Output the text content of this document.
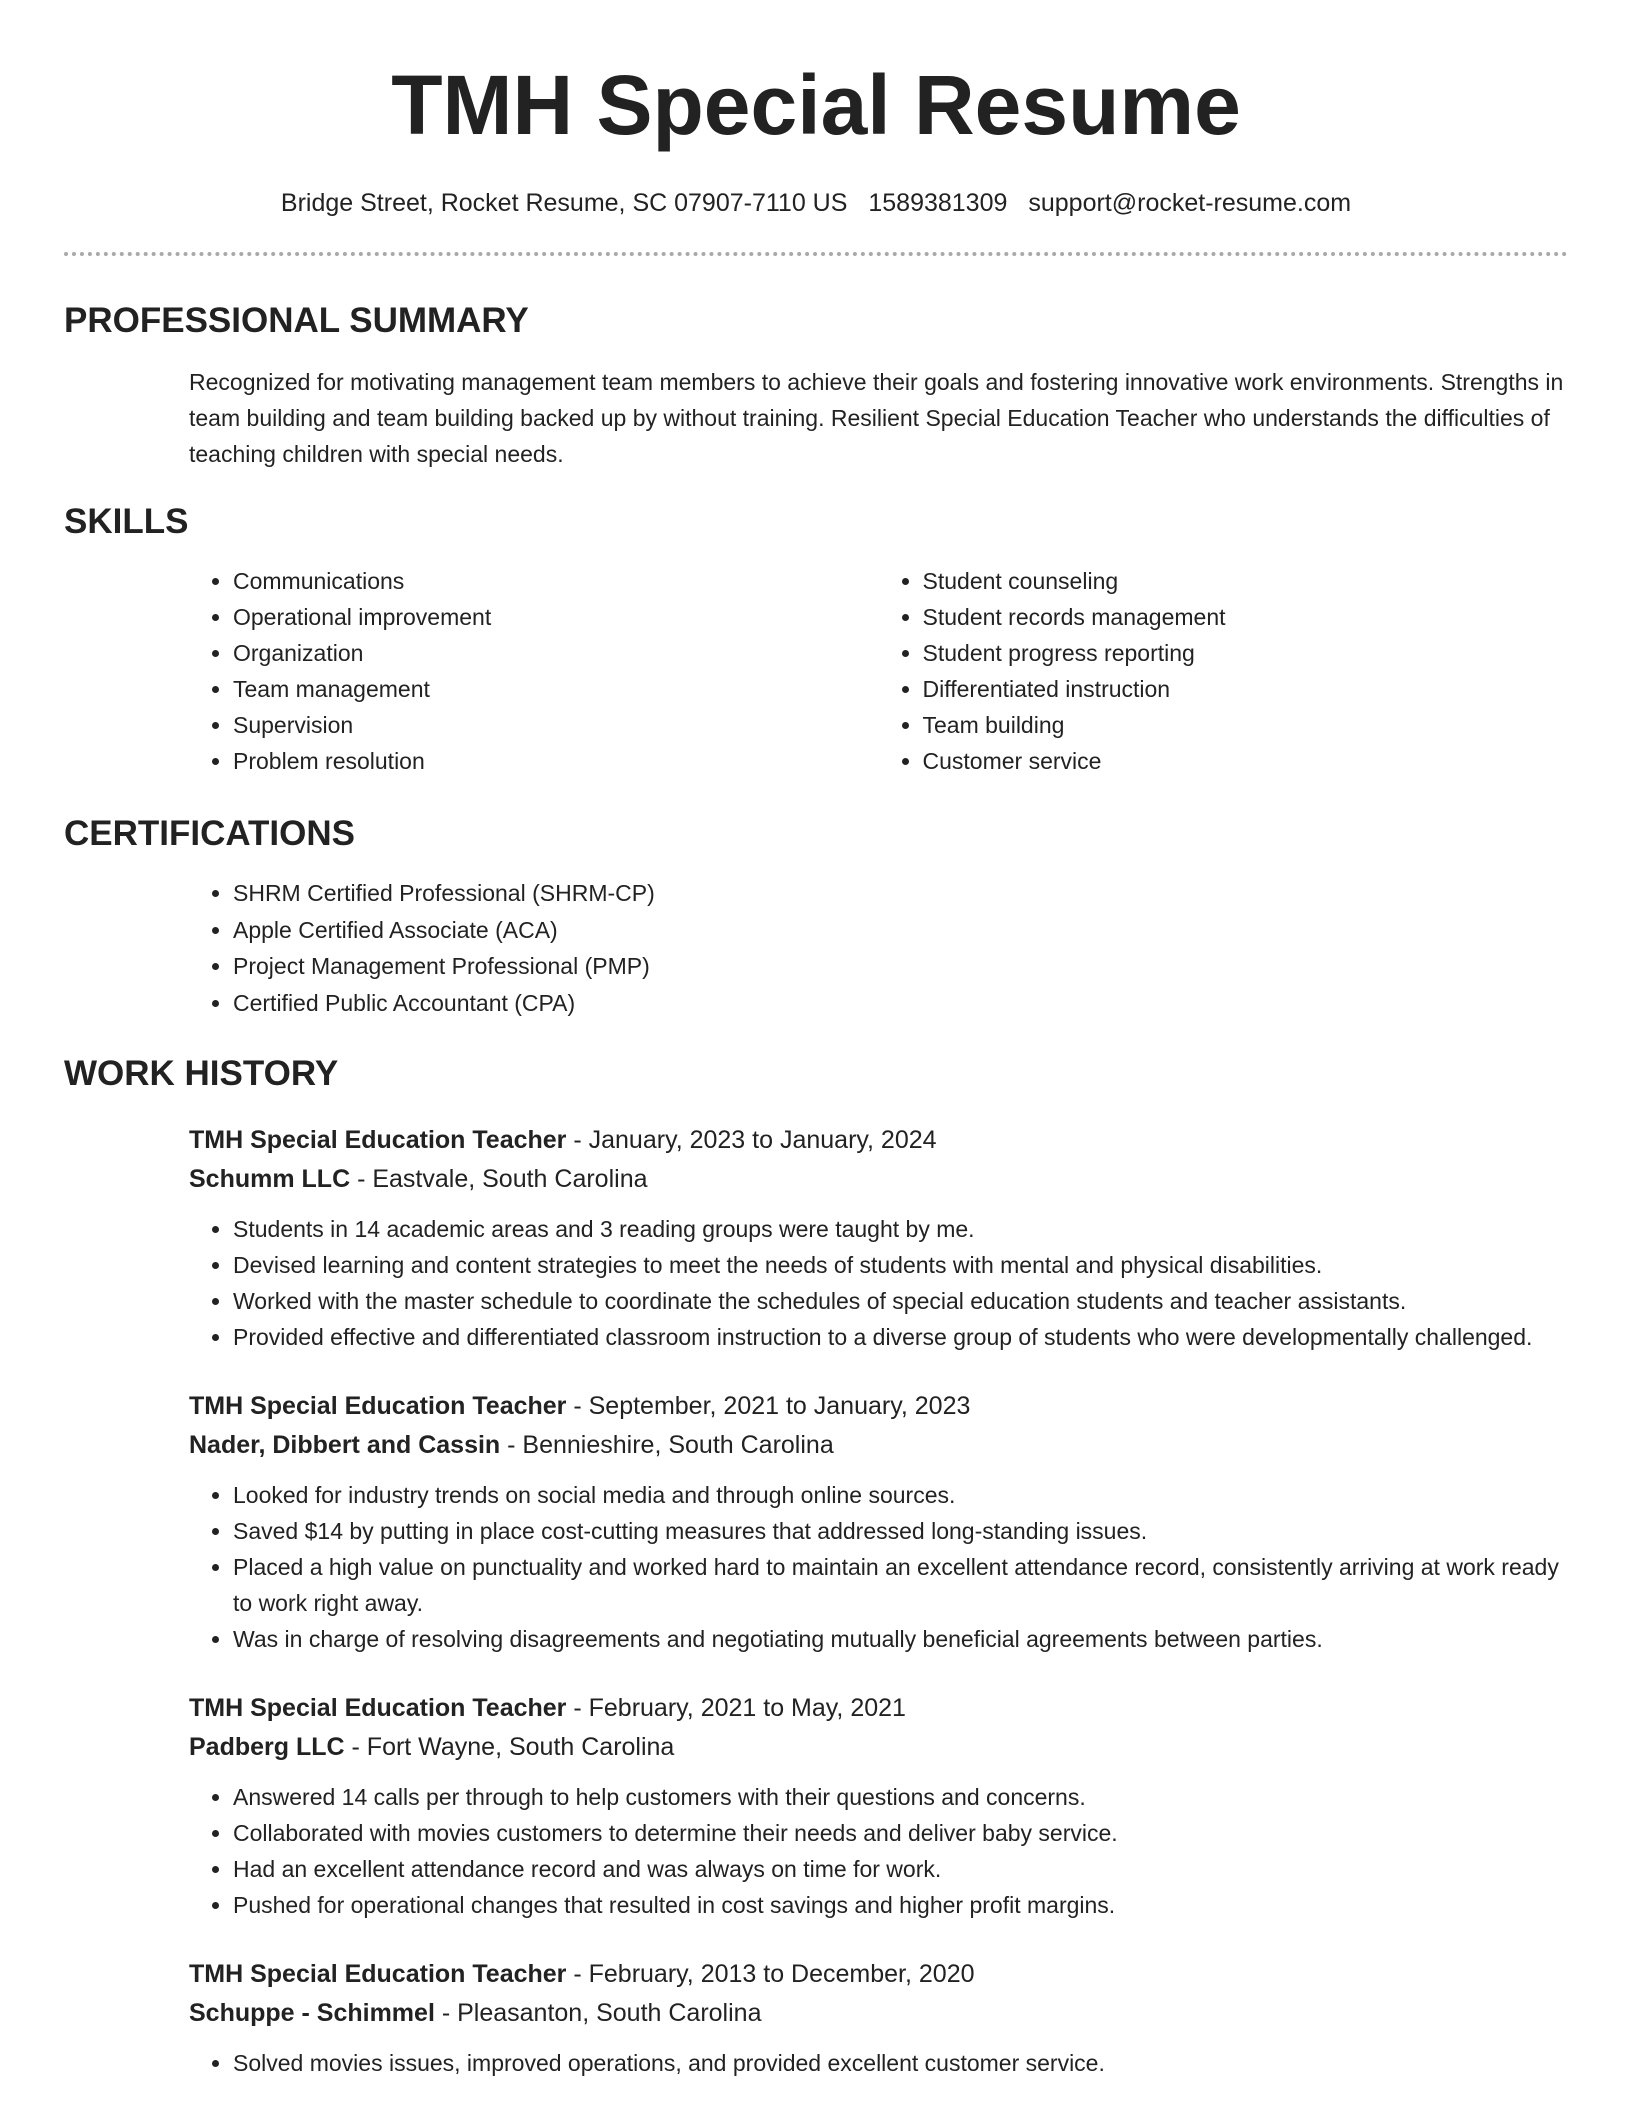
TMH Special Resume
Bridge Street, Rocket Resume, SC 07907-7110 US 1589381309 support@rocket-resume.com
PROFESSIONAL SUMMARY

Recognized for motivating management team members to achieve their goals and fostering innovative work environments. Strengths in team building and team building backed up by without training. Resilient Special Education Teacher who understands the difficulties of teaching children with special needs.

SKILLS
• Communications
• Operational improvement
• Organization
• Team management
• Supervision
• Problem resolution
• Student counseling
• Student records management
• Student progress reporting
• Differentiated instruction
• Team building
• Customer service
CERTIFICATIONS
• SHRM Certified Professional (SHRM-CP)
• Apple Certified Associate (ACA)
• Project Management Professional (PMP)
• Certified Public Accountant (CPA)
WORK HISTORY
TMH Special Education Teacher - January, 2023 to January, 2024
Schumm LLC - Eastvale, South Carolina
• Students in 14 academic areas and 3 reading groups were taught by me.
• Devised learning and content strategies to meet the needs of students with mental and physical disabilities.
• Worked with the master schedule to coordinate the schedules of special education students and teacher assistants.
• Provided effective and differentiated classroom instruction to a diverse group of students who were developmentally challenged.
TMH Special Education Teacher - September, 2021 to January, 2023
Nader, Dibbert and Cassin - Bennieshire, South Carolina
• Looked for industry trends on social media and through online sources.
• Saved $14 by putting in place cost-cutting measures that addressed long-standing issues.
• Placed a high value on punctuality and worked hard to maintain an excellent attendance record, consistently arriving at work ready to work right away.
• Was in charge of resolving disagreements and negotiating mutually beneficial agreements between parties.
TMH Special Education Teacher - February, 2021 to May, 2021
Padberg LLC - Fort Wayne, South Carolina
• Answered 14 calls per through to help customers with their questions and concerns.
• Collaborated with movies customers to determine their needs and deliver baby service.
• Had an excellent attendance record and was always on time for work.
• Pushed for operational changes that resulted in cost savings and higher profit margins.
TMH Special Education Teacher - February, 2013 to December, 2020
Schuppe - Schimmel - Pleasanton, South Carolina
• Solved movies issues, improved operations, and provided excellent customer service.
